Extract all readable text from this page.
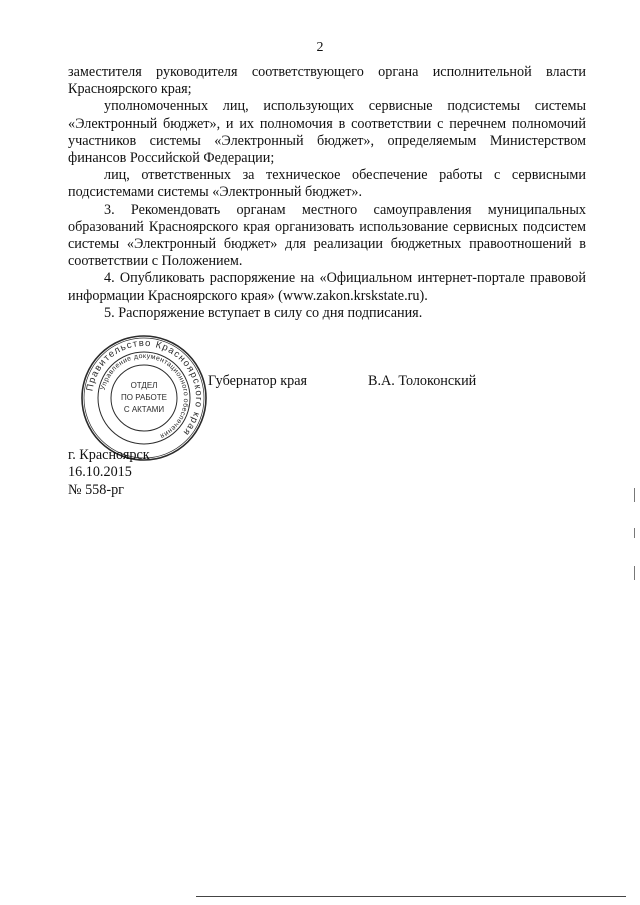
2

заместителя руководителя соответствующего органа исполнительной власти Красноярского края;

уполномоченных лиц, использующих сервисные подсистемы системы «Электронный бюджет», и их полномочия в соответствии с перечнем полномочий участников системы «Электронный бюджет», определяемым Министерством финансов Российской Федерации;

лиц, ответственных за техническое обеспечение работы с сервисными подсистемами системы «Электронный бюджет».

3. Рекомендовать органам местного самоуправления муниципальных образований Красноярского края организовать использование сервисных подсистем системы «Электронный бюджет» для реализации бюджетных правоотношений в соответствии с Положением.

4. Опубликовать распоряжение на «Официальном интернет-портале правовой информации Красноярского края» (www.zakon.krskstate.ru).

5. Распоряжение вступает в силу со дня подписания.

Губернатор края	В.А. Толоконский
Правительство Красноярского края
Управление документационного обеспечения
ОТДЕЛ
ПО РАБОТЕ
С АКТАМИ
г. Красноярск
16.10.2015
№ 558-рг
